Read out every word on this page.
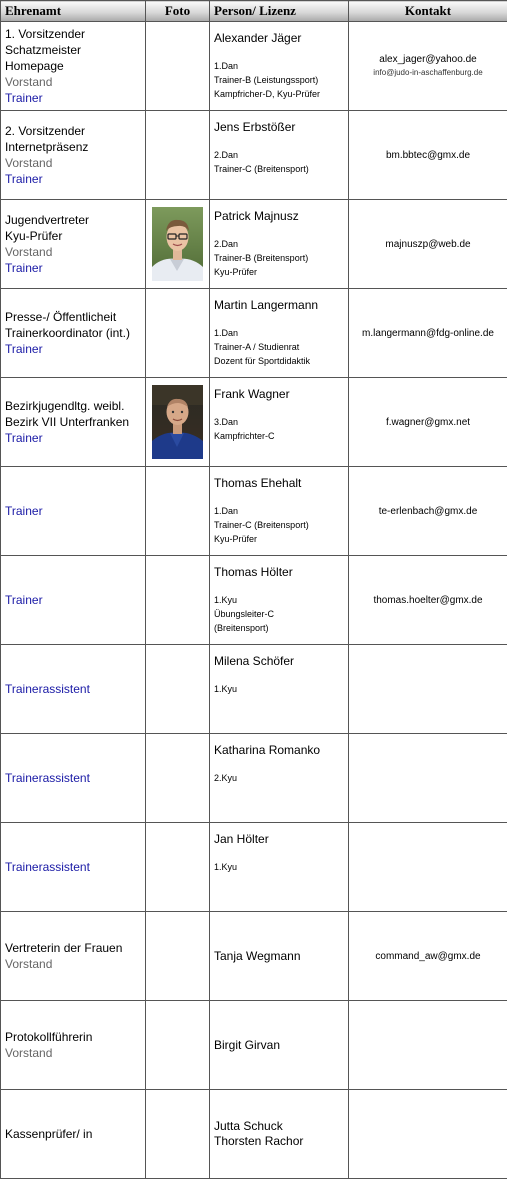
Ehrenamt	Foto	Person/ Lizenz	Kontakt

1. Vorsitzender
Schatzmeister
Homepage
Vorstand
Trainer		Alexander Jäger
1.Dan
Trainer-B (Leistungssport)
Kampfricher-D, Kyu-Prüfer	alex_jager@yahoo.de
info@judo-in-aschaffenburg.de

2. Vorsitzender
Internetpräsenz
Vorstand
Trainer		Jens Erbstößer
2.Dan
Trainer-C (Breitensport)	bm.bbtec@gmx.de

Jugendvertreter
Kyu-Prüfer
Vorstand
Trainer		Patrick Majnusz
2.Dan
Trainer-B (Breitensport)
Kyu-Prüfer	majnuszp@web.de

Presse-/ Öffentlicheit
Trainerkoordinator (int.)
Trainer		Martin Langermann
1.Dan
Trainer-A / Studienrat
Dozent für Sportdidaktik	m.langermann@fdg-online.de

Bezirkjugendltg. weibl.
Bezirk VII Unterfranken
Trainer		Frank Wagner
3.Dan
Kampfrichter-C	f.wagner@gmx.net

Trainer		Thomas Ehehalt
1.Dan
Trainer-C (Breitensport)
Kyu-Prüfer	te-erlenbach@gmx.de

Trainer		Thomas Hölter
1.Kyu
Übungsleiter-C
(Breitensport)	thomas.hoelter@gmx.de

Trainerassistent		Milena Schöfer
1.Kyu	

Trainerassistent		Katharina Romanko
2.Kyu	

Trainerassistent		Jan Hölter
1.Kyu	

Vertreterin der Frauen
Vorstand		Tanja Wegmann	command_aw@gmx.de

Protokollführerin
Vorstand		Birgit Girvan	

Kassenprüfer/ in		Jutta Schuck
Thorsten Rachor	
